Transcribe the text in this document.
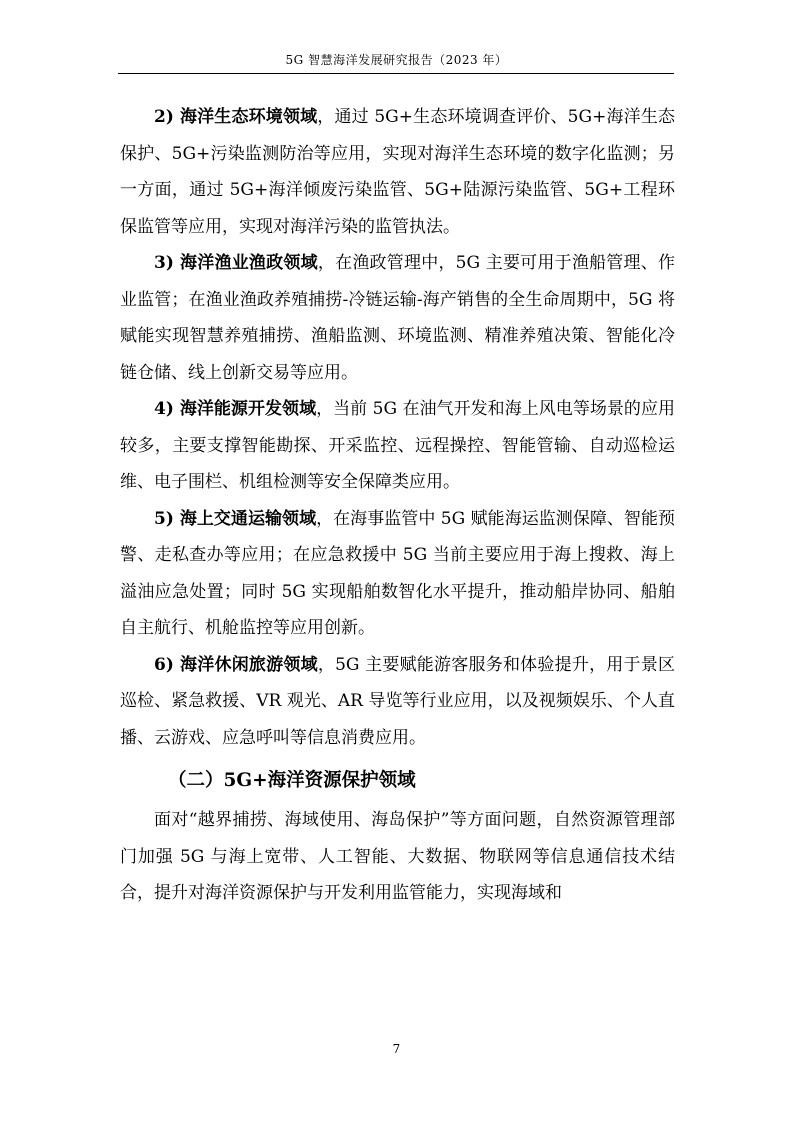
5G 智慧海洋发展研究报告（2023 年）

2) 海洋生态环境领域，通过 5G+生态环境调查评价、5G+海洋生态保护、5G+污染监测防治等应用，实现对海洋生态环境的数字化监测；另一方面，通过 5G+海洋倾废污染监管、5G+陆源污染监管、5G+工程环保监管等应用，实现对海洋污染的监管执法。

3) 海洋渔业渔政领域，在渔政管理中，5G 主要可用于渔船管理、作业监管；在渔业渔政养殖捕捞-冷链运输-海产销售的全生命周期中，5G 将赋能实现智慧养殖捕捞、渔船监测、环境监测、精准养殖决策、智能化冷链仓储、线上创新交易等应用。

4) 海洋能源开发领域，当前 5G 在油气开发和海上风电等场景的应用较多，主要支撑智能勘探、开采监控、远程操控、智能管输、自动巡检运维、电子围栏、机组检测等安全保障类应用。

5) 海上交通运输领域，在海事监管中 5G 赋能海运监测保障、智能预警、走私查办等应用；在应急救援中 5G 当前主要应用于海上搜救、海上溢油应急处置；同时 5G 实现船舶数智化水平提升，推动船岸协同、船舶自主航行、机舱监控等应用创新。

6) 海洋休闲旅游领域，5G 主要赋能游客服务和体验提升，用于景区巡检、紧急救援、VR 观光、AR 导览等行业应用，以及视频娱乐、个人直播、云游戏、应急呼叫等信息消费应用。

（二）5G+海洋资源保护领域

面对“越界捕捞、海域使用、海岛保护”等方面问题，自然资源管理部门加强 5G 与海上宽带、人工智能、大数据、物联网等信息通信技术结合，提升对海洋资源保护与开发利用监管能力，实现海域和

7
